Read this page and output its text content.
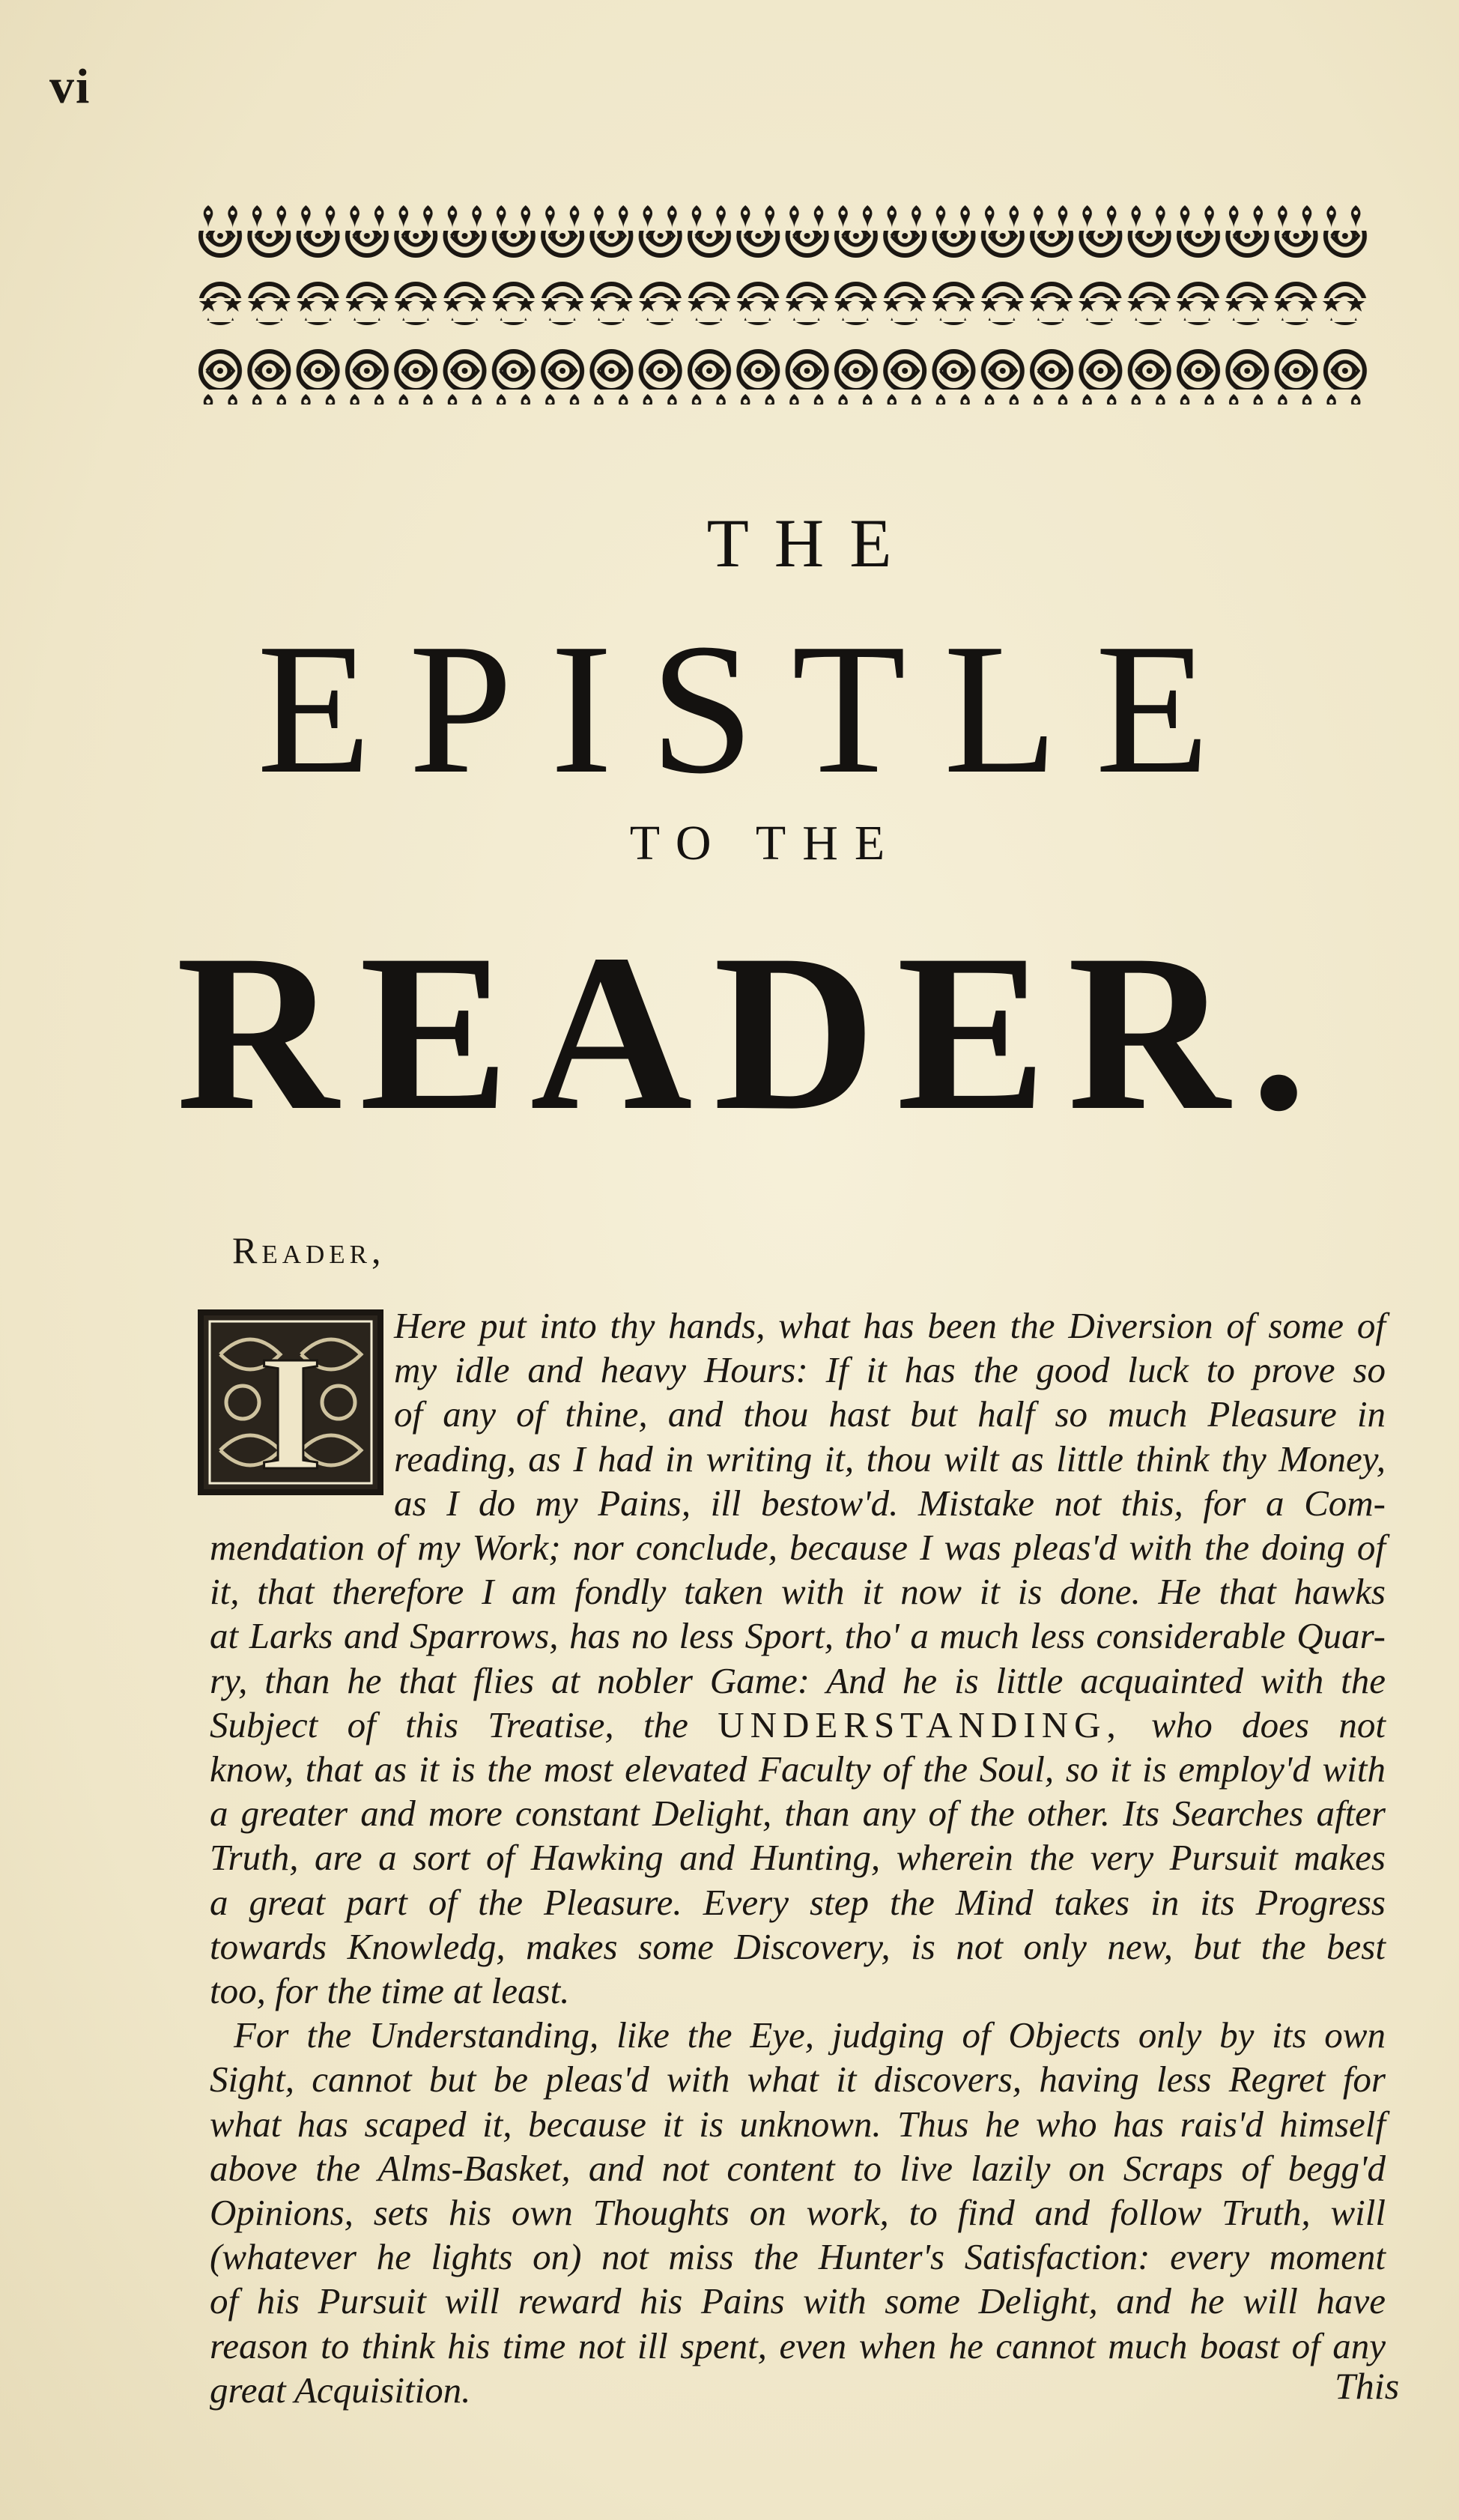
vi
THE
EPISTLE
TO THE
READER.
Reader,
I	Here put into thy hands, what has been the Diversion of some of
my idle and heavy Hours: If it has the good luck to prove so
of any of thine, and thou hast but half so much Pleasure in
reading, as I had in writing it, thou wilt as little think thy Money,
as I do my Pains, ill bestow'd. Mistake not this, for a Com-
mendation of my Work; nor conclude, because I was pleas'd with the doing of
it, that therefore I am fondly taken with it now it is done. He that hawks
at Larks and Sparrows, has no less Sport, tho' a much less considerable Quar-
ry, than he that flies at nobler Game: And he is little acquainted with the
Subject of this Treatise, the UNDERSTANDING, who does not
know, that as it is the most elevated Faculty of the Soul, so it is employ'd with
a greater and more constant Delight, than any of the other. Its Searches after
Truth, are a sort of Hawking and Hunting, wherein the very Pursuit makes
a great part of the Pleasure. Every step the Mind takes in its Progress
towards Knowledg, makes some Discovery, is not only new, but the best
too, for the time at least.
For the Understanding, like the Eye, judging of Objects only by its own
Sight, cannot but be pleas'd with what it discovers, having less Regret for
what has scaped it, because it is unknown. Thus he who has rais'd himself
above the Alms-Basket, and not content to live lazily on Scraps of begg'd
Opinions, sets his own Thoughts on work, to find and follow Truth, will
(whatever he lights on) not miss the Hunter's Satisfaction: every moment
of his Pursuit will reward his Pains with some Delight, and he will have
reason to think his time not ill spent, even when he cannot much boast of any
great Acquisition.	This
